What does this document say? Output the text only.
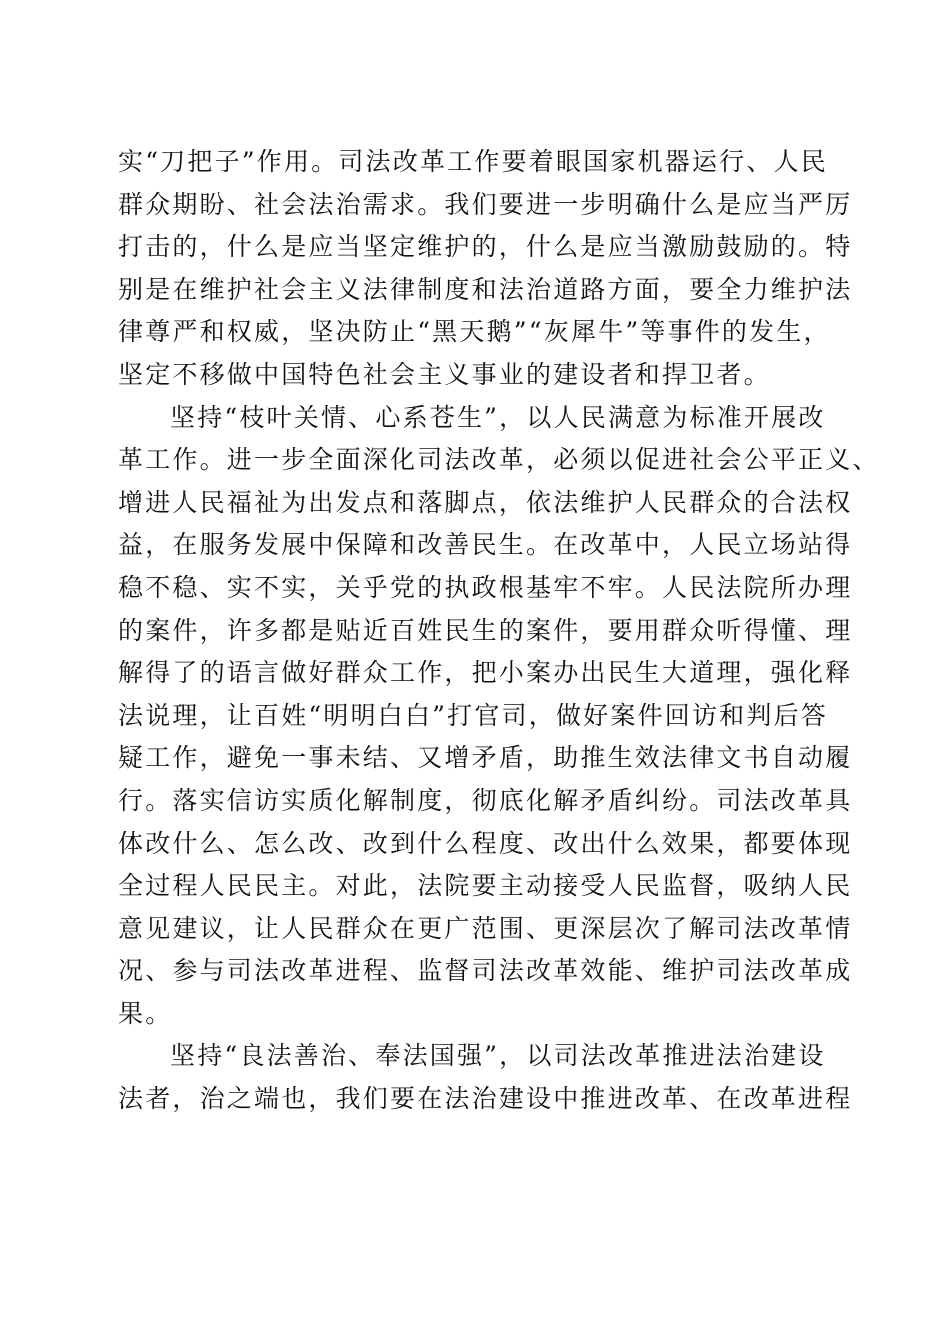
实“刀把子”作用。司法改革工作要着眼国家机器运行、人民
群众期盼、社会法治需求。我们要进一步明确什么是应当严厉
打击的，什么是应当坚定维护的，什么是应当激励鼓励的。特
别是在维护社会主义法律制度和法治道路方面，要全力维护法
律尊严和权威，坚决防止“黑天鹅”“灰犀牛”等事件的发生，
坚定不移做中国特色社会主义事业的建设者和捍卫者。
坚持“枝叶关情、心系苍生”，以人民满意为标准开展改
革工作。进一步全面深化司法改革，必须以促进社会公平正义、
增进人民福祉为出发点和落脚点，依法维护人民群众的合法权
益，在服务发展中保障和改善民生。在改革中，人民立场站得
稳不稳、实不实，关乎党的执政根基牢不牢。人民法院所办理
的案件，许多都是贴近百姓民生的案件，要用群众听得懂、理
解得了的语言做好群众工作，把小案办出民生大道理，强化释
法说理，让百姓“明明白白”打官司，做好案件回访和判后答
疑工作，避免一事未结、又增矛盾，助推生效法律文书自动履
行。落实信访实质化解制度，彻底化解矛盾纠纷。司法改革具
体改什么、怎么改、改到什么程度、改出什么效果，都要体现
全过程人民民主。对此，法院要主动接受人民监督，吸纳人民
意见建议，让人民群众在更广范围、更深层次了解司法改革情
况、参与司法改革进程、监督司法改革效能、维护司法改革成
果。
坚持“良法善治、奉法国强”，以司法改革推进法治建设
法者，治之端也，我们要在法治建设中推进改革、在改革进程
